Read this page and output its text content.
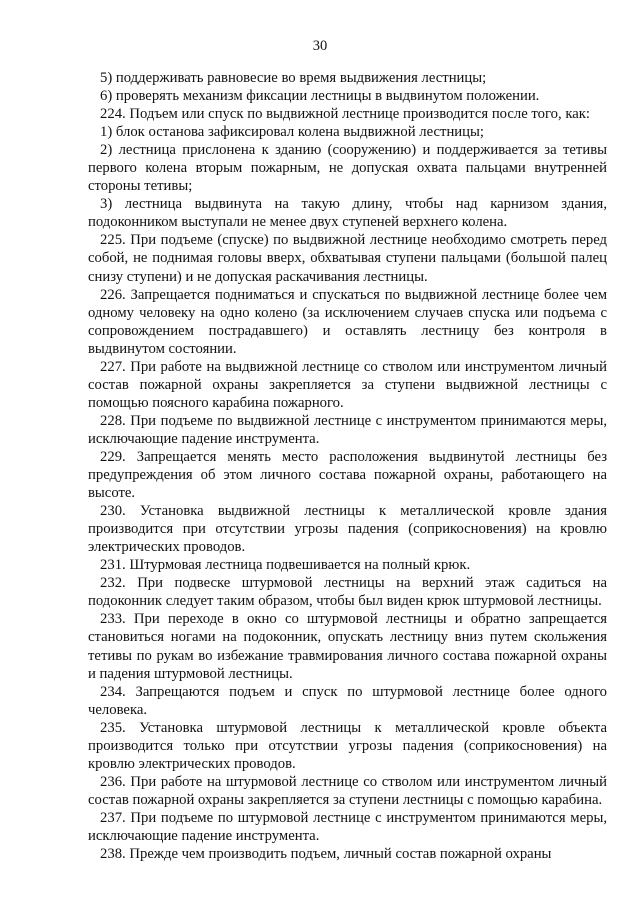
30

5) поддерживать равновесие во время выдвижения лестницы;

6) проверять механизм фиксации лестницы в выдвинутом положении.

224. Подъем или спуск по выдвижной лестнице производится после того, как:

1) блок останова зафиксировал колена выдвижной лестницы;

2) лестница прислонена к зданию (сооружению) и поддерживается за тетивы первого колена вторым пожарным, не допуская охвата пальцами внутренней стороны тетивы;

3) лестница выдвинута на такую длину, чтобы над карнизом здания, подоконником выступали не менее двух ступеней верхнего колена.

225. При подъеме (спуске) по выдвижной лестнице необходимо смотреть перед собой, не поднимая головы вверх, обхватывая ступени пальцами (большой палец снизу ступени) и не допуская раскачивания лестницы.

226. Запрещается подниматься и спускаться по выдвижной лестнице более чем одному человеку на одно колено (за исключением случаев спуска или подъема с сопровождением пострадавшего) и оставлять лестницу без контроля в выдвинутом состоянии.

227. При работе на выдвижной лестнице со стволом или инструментом личный состав пожарной охраны закрепляется за ступени выдвижной лестницы с помощью поясного карабина пожарного.

228. При подъеме по выдвижной лестнице с инструментом принимаются меры, исключающие падение инструмента.

229. Запрещается менять место расположения выдвинутой лестницы без предупреждения об этом личного состава пожарной охраны, работающего на высоте.

230. Установка выдвижной лестницы к металлической кровле здания производится при отсутствии угрозы падения (соприкосновения) на кровлю электрических проводов.

231. Штурмовая лестница подвешивается на полный крюк.

232. При подвеске штурмовой лестницы на верхний этаж садиться на подоконник следует таким образом, чтобы был виден крюк штурмовой лестницы.

233. При переходе в окно со штурмовой лестницы и обратно запрещается становиться ногами на подоконник, опускать лестницу вниз путем скольжения тетивы по рукам во избежание травмирования личного состава пожарной охраны и падения штурмовой лестницы.

234. Запрещаются подъем и спуск по штурмовой лестнице более одного человека.

235. Установка штурмовой лестницы к металлической кровле объекта производится только при отсутствии угрозы падения (соприкосновения) на кровлю электрических проводов.

236. При работе на штурмовой лестнице со стволом или инструментом личный состав пожарной охраны закрепляется за ступени лестницы с помощью карабина.

237. При подъеме по штурмовой лестнице с инструментом принимаются меры, исключающие падение инструмента.

238. Прежде чем производить подъем, личный состав пожарной охраны
